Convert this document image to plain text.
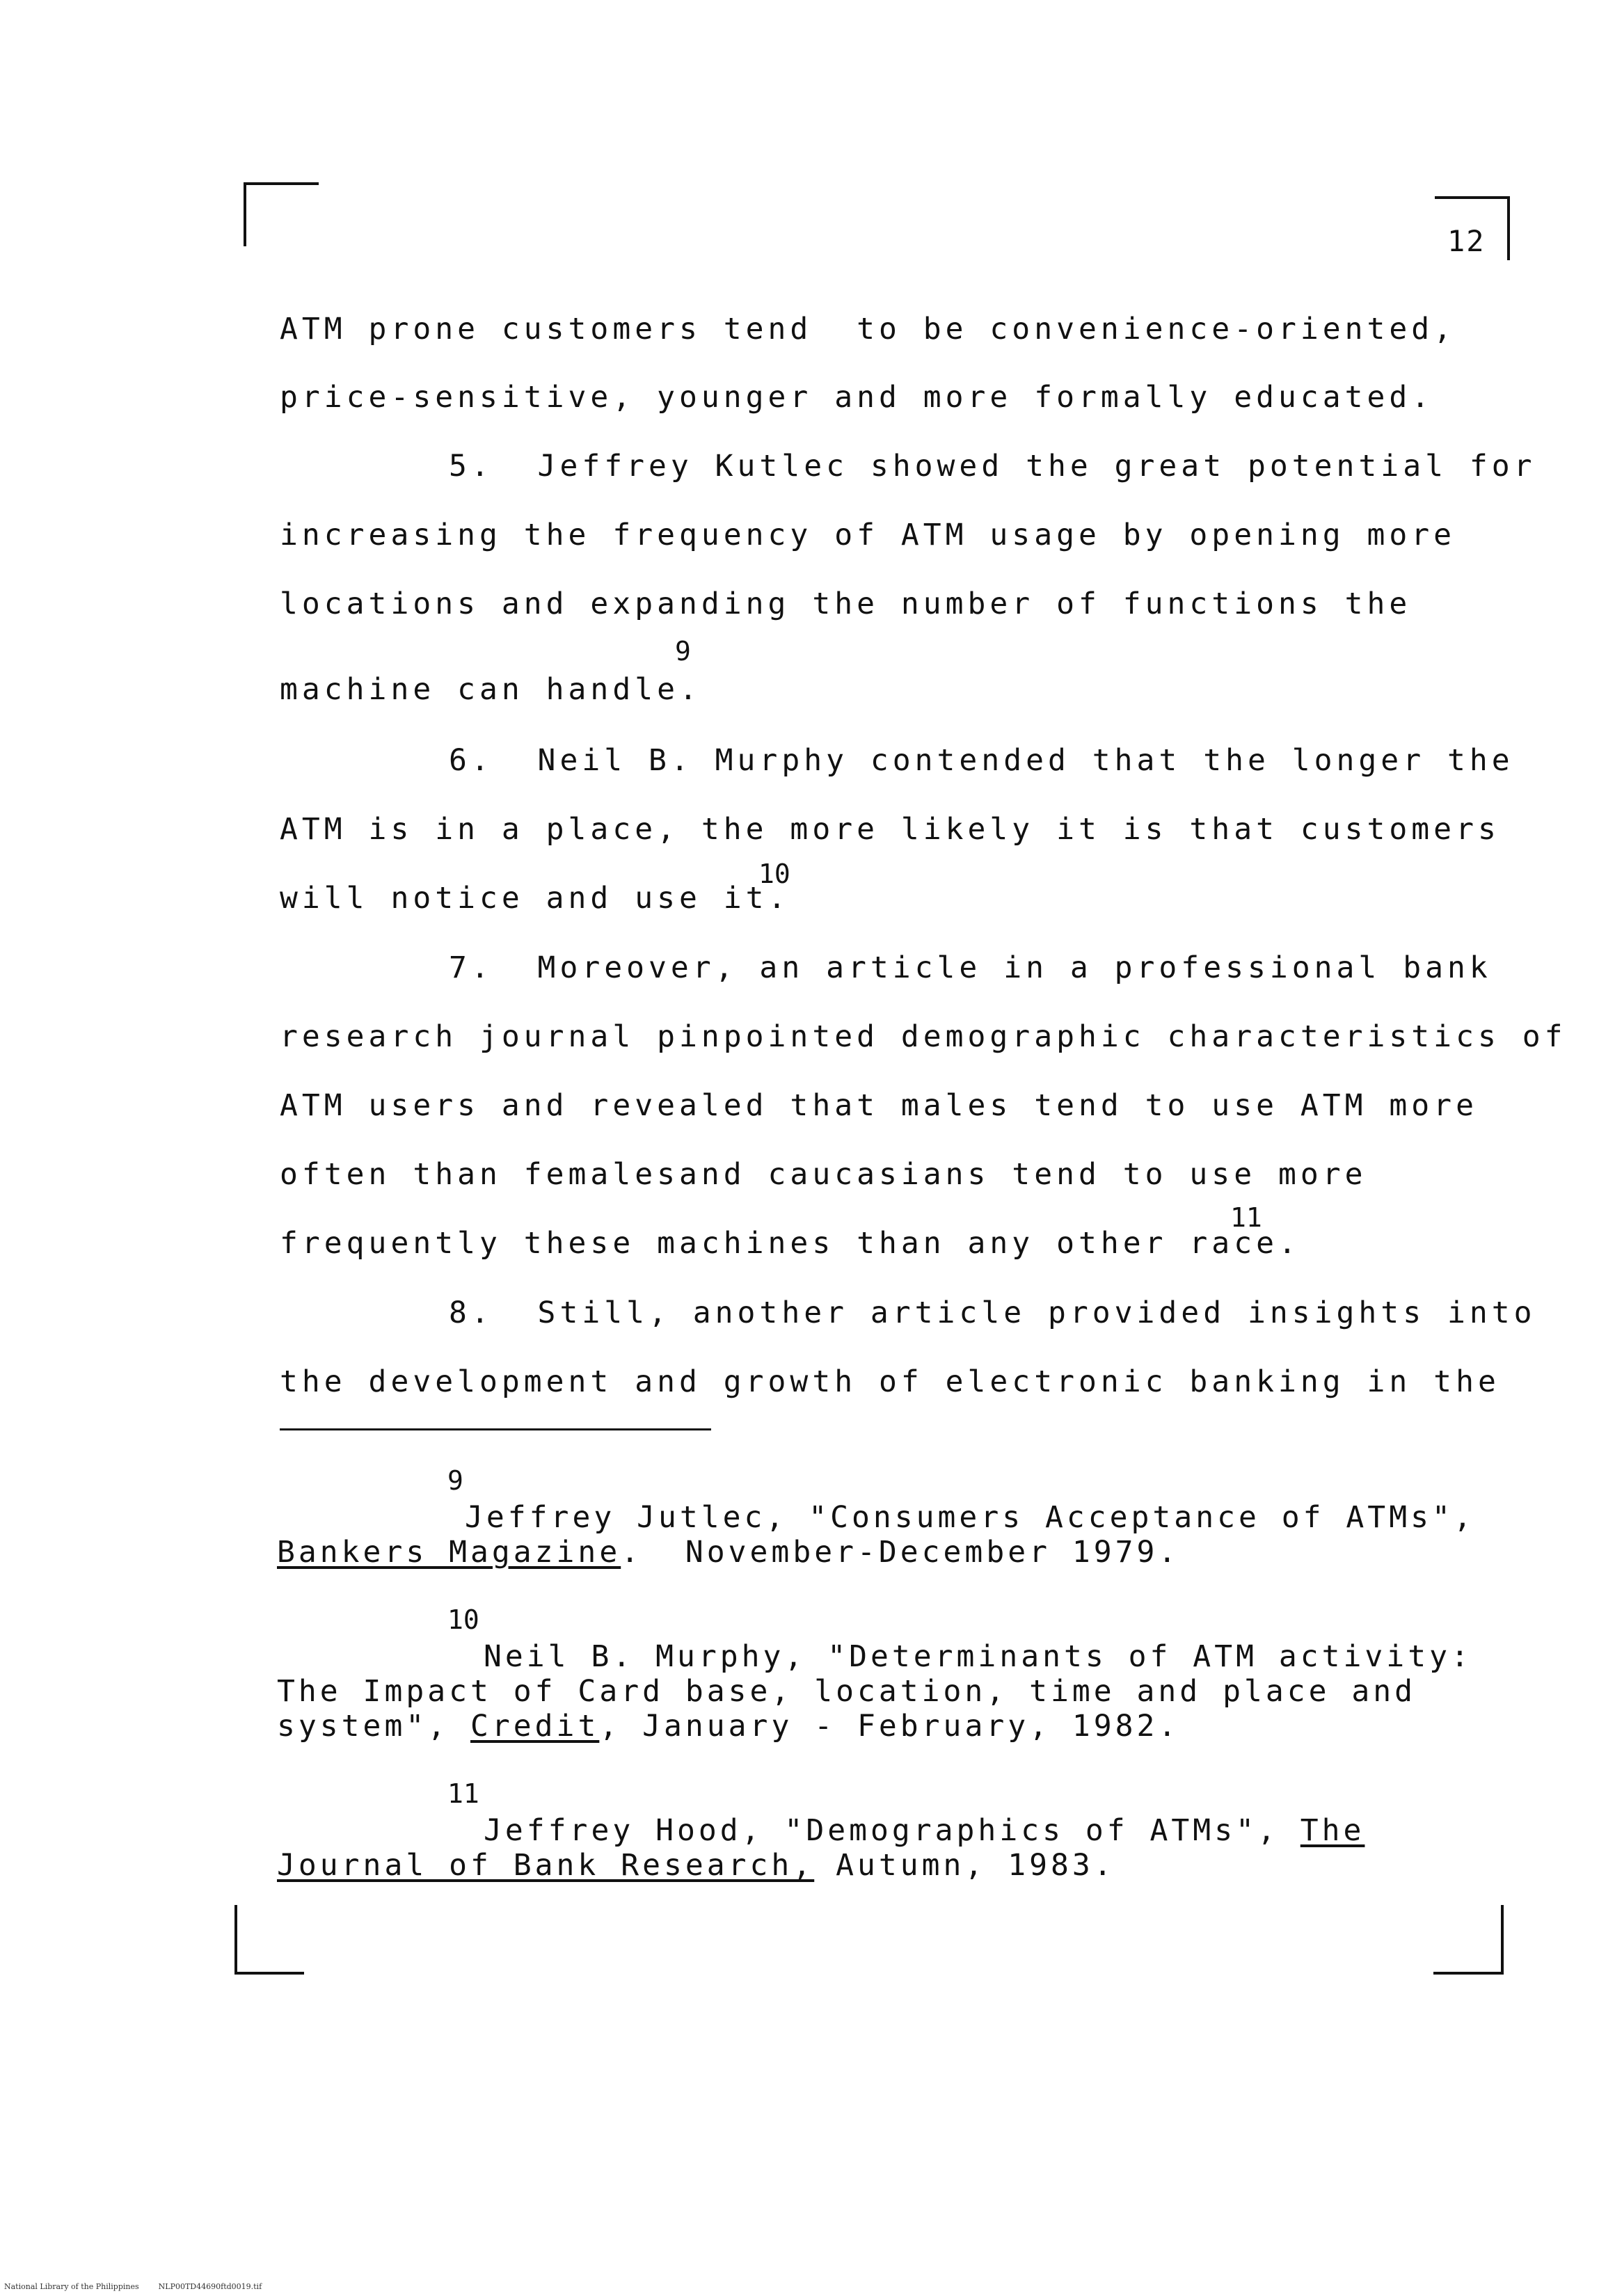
12
ATM prone customers tend  to be convenience-oriented,
price-sensitive, younger and more formally educated.
5.  Jeffrey Kutlec showed the great potential for
increasing the frequency of ATM usage by opening more
locations and expanding the number of functions the
9
machine can handle.
6.  Neil B. Murphy contended that the longer the
ATM is in a place, the more likely it is that customers
10
will notice and use it.
7.  Moreover, an article in a professional bank
research journal pinpointed demographic characteristics of
ATM users and revealed that males tend to use ATM more
often than femalesand caucasians tend to use more
11
frequently these machines than any other race.
8.  Still, another article provided insights into
the development and growth of electronic banking in the
9
Jeffrey Jutlec, "Consumers Acceptance of ATMs",
Bankers Magazine.  November-December 1979.
10
Neil B. Murphy, "Determinants of ATM activity:
The Impact of Card base, location, time and place and
system", Credit, January - February, 1982.
11
Jeffrey Hood, "Demographics of ATMs", The
Journal of Bank Research, Autumn, 1983.
National Library of the Philippines	NLP00TD44690ftd0019.tif
